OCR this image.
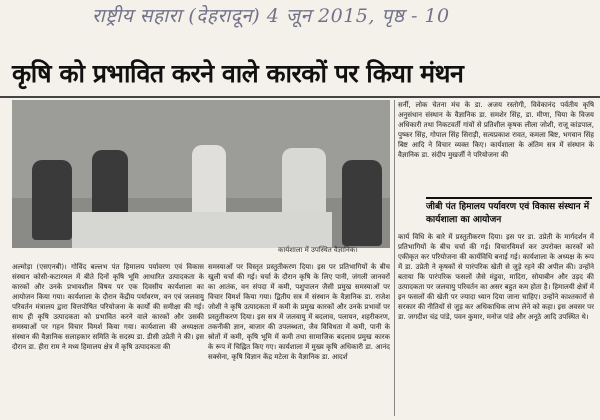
राष्ट्रीय सहारा (देहरादून) 4 जून 2015, पृष्ठ - 10
कृषि को प्रभावित करने वाले कारकों पर किया मंथन
कार्यशाला में उपस्थित वैज्ञानिक।
सर्नी, लोक चेतना मंच के डा. अजय रस्तोगी, विवेकानंद पर्वतीय कृषि अनुसंधान संस्थान के वैज्ञानिक डा. समशेर सिंह, डा. मीणा, चिया के विजय अधिकारी तथा निकटवर्ती गांवों से प्रतिशील कृषक लीला जोशी, राजू कांडपाल, पुष्कर सिंह, गोपाल सिंह सिराड़ी, सत्यप्रकाश रावत, कमला बिष्ट, भगवान सिंह बिष्ट आदि ने विचार व्यक्त किए। कार्यशाला के अंतिम सत्र में संस्थान के वैज्ञानिक डा. संदीप मुखर्जी ने परियोजना की
जीबी पंत हिमालय पर्यावरण एवं विकास संस्थान में कार्यशाला का आयोजन
अल्मोड़ा (एसएनबी)। गोविंद बल्लभ पंत हिमालय पर्यावरण एवं विकास संस्थान कोसी-कटारमल में बीते दिनों कृषि भूमि आधारित उत्पादकता के कारकों और उनके प्रभावशील विषय पर एक दिवसीय कार्यशाला का आयोजन किया गया। कार्यशाला के दौरान केंद्रीय पर्यावरण, वन एवं जलवायु परिवर्तन मंत्रालय द्वारा वित्तपोषित परियोजना के कार्यों की समीक्षा की गई। साथ ही कृषि उत्पादकता को प्रभावित करने वाले कारकों और उसकी समस्याओं पर गहन विचार विमर्श किया गया। कार्यशाला की अध्यक्षता संस्थान की वैज्ञानिक सलाहकार समिति के सदस्य डा. डीसी उप्रेती ने की। इस दौरान डा. हीरा राम ने मध्य हिमालय क्षेत्र में कृषि उत्पादकता की
समस्याओं पर विस्तृत प्रस्तुतीकरण दिया। इस पर प्रतिभागियों के बीच खुली चर्चा की गई। चर्चा के दौरान कृषि के लिए पानी, जंगली जानवरों का आतंक, वन संपदा में कमी, पशुपालन जैसी प्रमुख समस्याओं पर विचार विमर्श किया गया। द्वितीय सत्र में संस्थान के वैज्ञानिक डा. राजेश जोशी ने कृषि उत्पादकता में कमी के प्रमुख कारकों और उनके प्रभावों पर प्रस्तुतीकरण दिया। इस सत्र में जलवायु में बदलाव, पलायन, शहरीकरण, तकनीकी ज्ञान, बाजार की उपलब्धता, जैव विविधता में कमी, पानी के स्रोतों में कमी, कृषि भूमि में कमी तथा सामाजिक बदलाव प्रमुख कारक के रूप में चिह्नित किए गए। कार्यशाला में मुख्य कृषि अधिकारी डा. आनंद सक्सेना, कृषि विज्ञान केंद्र मटेला के वैज्ञानिक डा. आदर्श
कार्य विधि के बारे में प्रस्तुतीकरण दिया। इस पर डा. उप्रेती के मार्गदर्शन में प्रतिभागियों के बीच चर्चा की गई। विचारविमर्श कर उपरोक्त कारकों को एकीकृत कर परियोजना की कार्यविधि बनाई गई। कार्यशाला के अध्यक्ष के रूप में डा. उप्रेती ने कृषकों से पारंपरिक खेती से जुड़े रहने की अपील की। उन्होंने बताया कि पारंपरिक फसलों जैसे मंडुवा, मादिरा, सोयाबीन और उड़द की उत्पादकता पर जलवायु परिवर्तन का असर बहुत कम होता है। हिमालयी क्षेत्रों में इन फसलों की खेती पर ज्यादा ध्यान दिया जाना चाहिए। उन्होंने काश्तकारों से सरकार की नीतियों से जुड़ कर अधिकाधिक लाभ लेने को कहा। इस अवसर पर डा. जगदीश चंद्र पांडे, पवन कुमार, मनोज पांडे और अनूठे आदि उपस्थित थे।
